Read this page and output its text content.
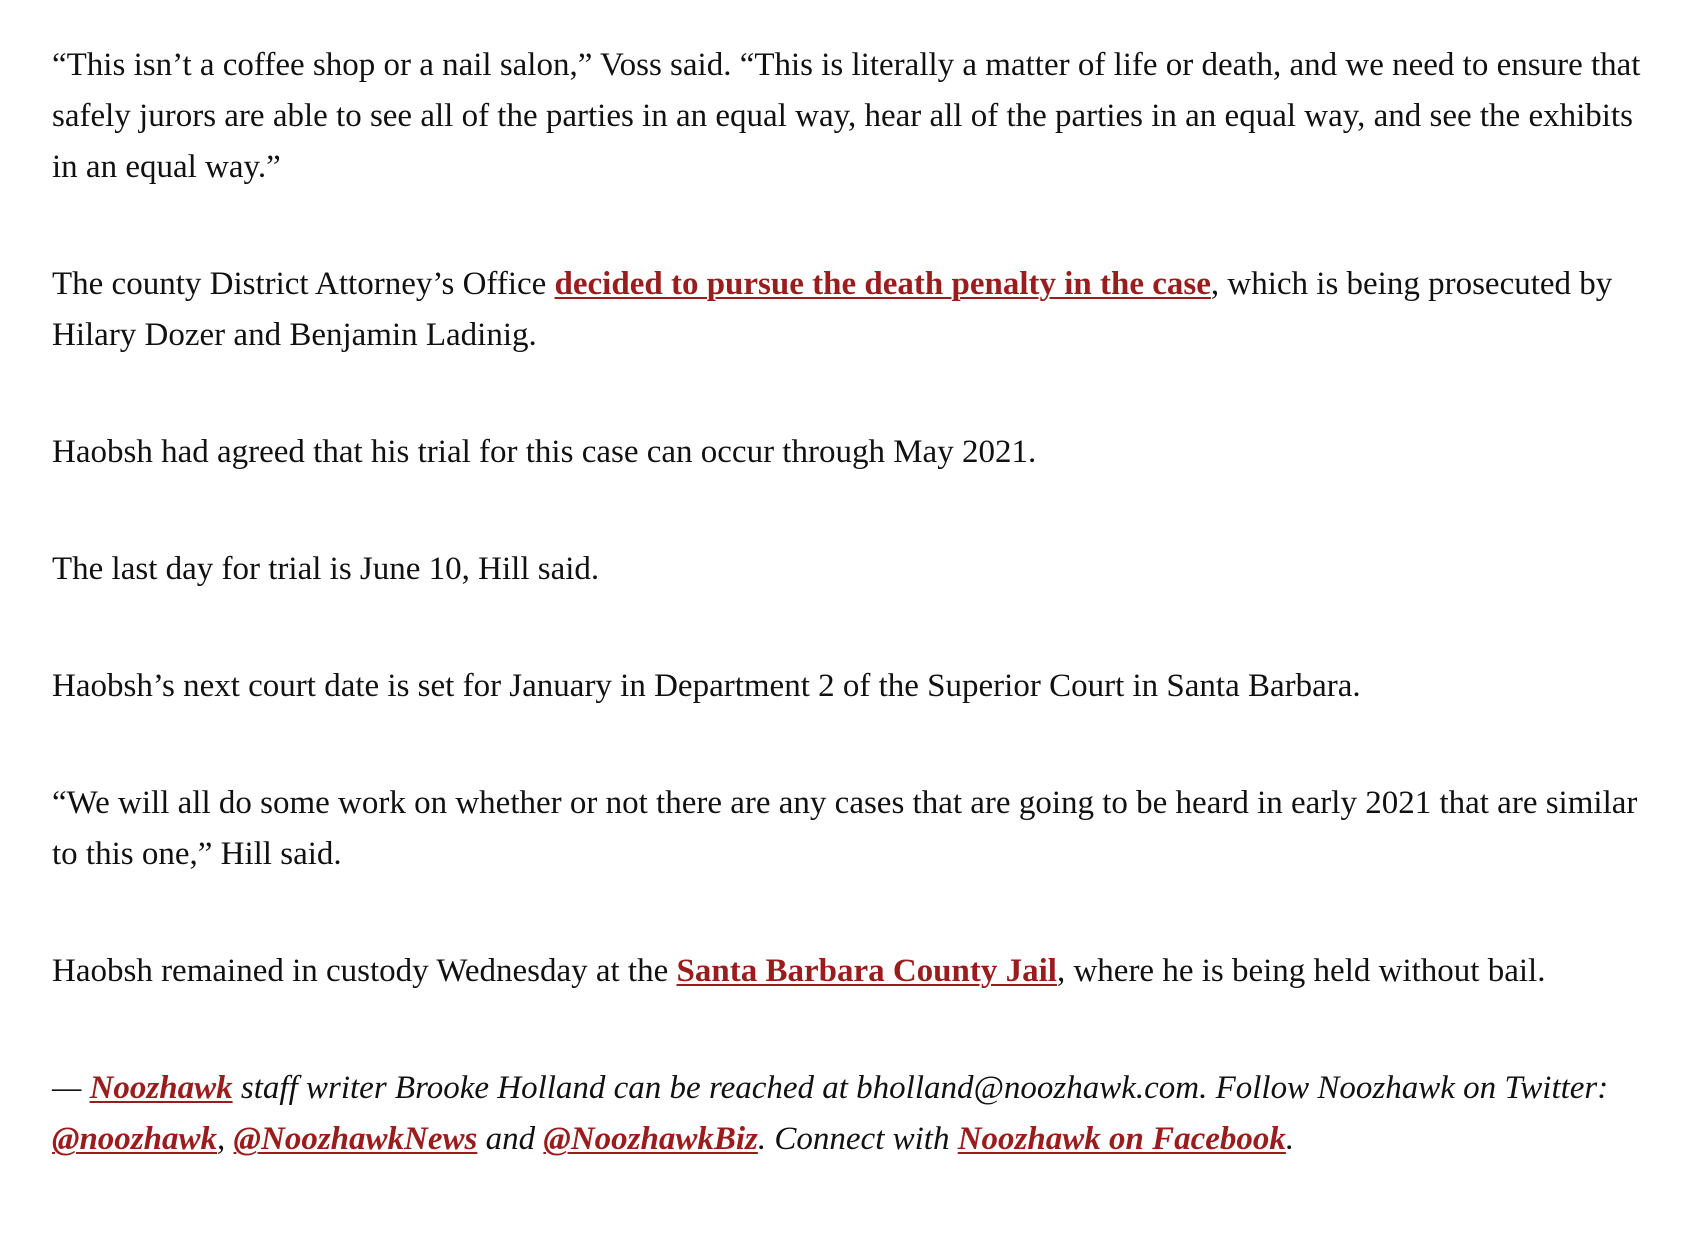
“This isn’t a coffee shop or a nail salon,” Voss said. “This is literally a matter of life or death, and we need to ensure that safely jurors are able to see all of the parties in an equal way, hear all of the parties in an equal way, and see the exhibits in an equal way.”

The county District Attorney’s Office decided to pursue the death penalty in the case, which is being prosecuted by Hilary Dozer and Benjamin Ladinig.

Haobsh had agreed that his trial for this case can occur through May 2021.

The last day for trial is June 10, Hill said.

Haobsh’s next court date is set for January in Department 2 of the Superior Court in Santa Barbara.

“We will all do some work on whether or not there are any cases that are going to be heard in early 2021 that are similar to this one,” Hill said.

Haobsh remained in custody Wednesday at the Santa Barbara County Jail, where he is being held without bail.

— Noozhawk staff writer Brooke Holland can be reached at bholland@noozhawk.com. Follow Noozhawk on Twitter: @noozhawk, @NoozhawkNews and @NoozhawkBiz. Connect with Noozhawk on Facebook.
